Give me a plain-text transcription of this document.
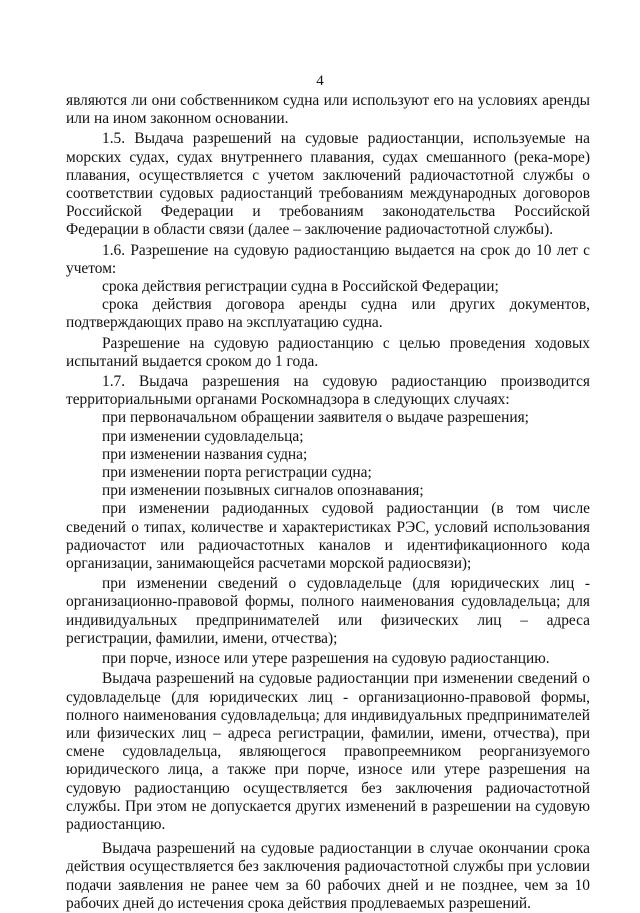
4

являются ли они собственником судна или используют его на условиях аренды или на ином законном основании.

1.5. Выдача разрешений на судовые радиостанции, используемые на морских судах, судах внутреннего плавания, судах смешанного (река-море) плавания, осуществляется с учетом заключений радиочастотной службы о соответствии судовых радиостанций требованиям международных договоров Российской Федерации и требованиям законодательства Российской Федерации в области связи (далее – заключение радиочастотной службы).

1.6. Разрешение на судовую радиостанцию выдается на срок до 10 лет с учетом:

срока действия регистрации судна в Российской Федерации;

срока действия договора аренды судна или других документов, подтверждающих право на эксплуатацию судна.

Разрешение на судовую радиостанцию с целью проведения ходовых испытаний выдается сроком до 1 года.

1.7. Выдача разрешения на судовую радиостанцию производится территориальными органами Роскомнадзора в следующих случаях:

при первоначальном обращении заявителя о выдаче разрешения;

при изменении судовладельца;

при изменении названия судна;

при изменении порта регистрации судна;

при изменении позывных сигналов опознавания;

при изменении радиоданных судовой радиостанции (в том числе сведений о типах, количестве и характеристиках РЭС, условий использования радиочастот или радиочастотных каналов и идентификационного кода организации, занимающейся расчетами морской радиосвязи);

при изменении сведений о судовладельце (для юридических лиц - организационно-правовой формы, полного наименования судовладельца; для индивидуальных предпринимателей или физических лиц – адреса регистрации, фамилии, имени, отчества);

при порче, износе или утере разрешения на судовую радиостанцию.

Выдача разрешений на судовые радиостанции при изменении сведений о судовладельце (для юридических лиц - организационно-правовой формы, полного наименования судовладельца; для индивидуальных предпринимателей или физических лиц – адреса регистрации, фамилии, имени, отчества), при смене судовладельца, являющегося правопреемником реорганизуемого юридического лица, а также при порче, износе или утере разрешения на судовую радиостанцию осуществляется без заключения радиочастотной службы. При этом не допускается других изменений в разрешении на судовую радиостанцию.

Выдача разрешений на судовые радиостанции в случае окончании срока действия осуществляется без заключения радиочастотной службы при условии подачи заявления не ранее чем за 60 рабочих дней и не позднее, чем за 10 рабочих дней до истечения срока действия продлеваемых разрешений.
